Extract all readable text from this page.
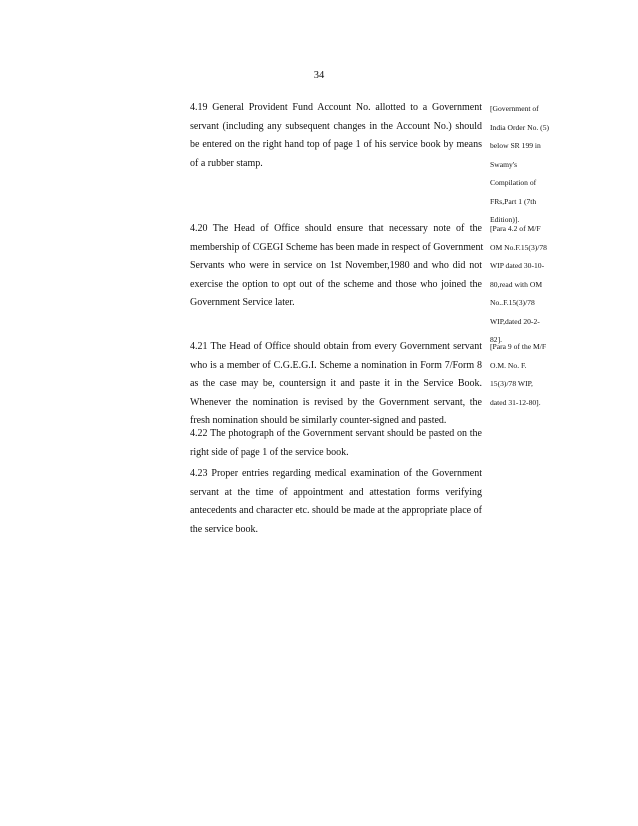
34
4.19 General Provident Fund Account No. allotted to a Government
servant (including any subsequent changes in the Account No.) should
be entered on the right hand top of page 1 of his service book by means
of a rubber stamp.
[Government of
India Order No. (5)
below SR 199 in
Swamy's
Compilation of
FRs,Part 1 (7th
Edition)].
4.20 The Head of Office should ensure that necessary note of the
membership of CGEGI Scheme has been made in respect of Government
Servants who were in service on 1st November,1980 and who did not
exercise the option to opt out of the scheme and those who joined the
Government Service later.
[Para 4.2 of M/F
OM No.F.15(3)/78
WIP dated 30-10-
80,read with OM
No..F.15(3)/78
WIP,dated 20-2-
82].
4.21 The Head of Office should obtain from every Government servant
who is a member of C.G.E.G.I. Scheme a nomination in Form 7/Form 8
as the case may be, countersign it and paste it in the Service Book.
Whenever the nomination is revised by the Government servant, the
fresh nomination should be similarly counter-signed and pasted.
[Para 9 of the M/F
O.M. No. F.
15(3)/78 WIP,
dated 31-12-80].
4.22 The photograph of the Government servant should be pasted on the
right side of page 1 of the service book.
4.23 Proper entries regarding medical examination of the Government
servant at the time of appointment and attestation forms verifying
antecedents and character etc. should be made at the appropriate place of
the service book.
